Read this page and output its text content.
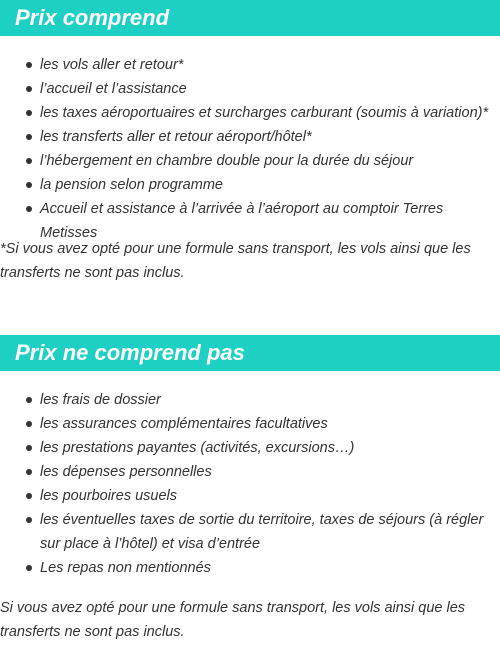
Prix comprend
les vols aller et retour*
l’accueil et l’assistance
les taxes aéroportuaires et surcharges carburant (soumis à variation)*
les transferts aller et retour aéroport/hôtel*
l’hébergement en chambre double pour la durée du séjour
la pension selon programme
Accueil et assistance à l’arrivée à l’aéroport au comptoir Terres Metisses

*Si vous avez opté pour une formule sans transport, les vols ainsi que les transferts ne sont pas inclus.

Prix ne comprend pas
les frais de dossier
les assurances complémentaires facultatives
les prestations payantes (activités, excursions…)
les dépenses personnelles
les pourboires usuels
les éventuelles taxes de sortie du territoire, taxes de séjours (à régler sur place à l’hôtel) et visa d’entrée
Les repas non mentionnés

Si vous avez opté pour une formule sans transport, les vols ainsi que les transferts ne sont pas inclus.
